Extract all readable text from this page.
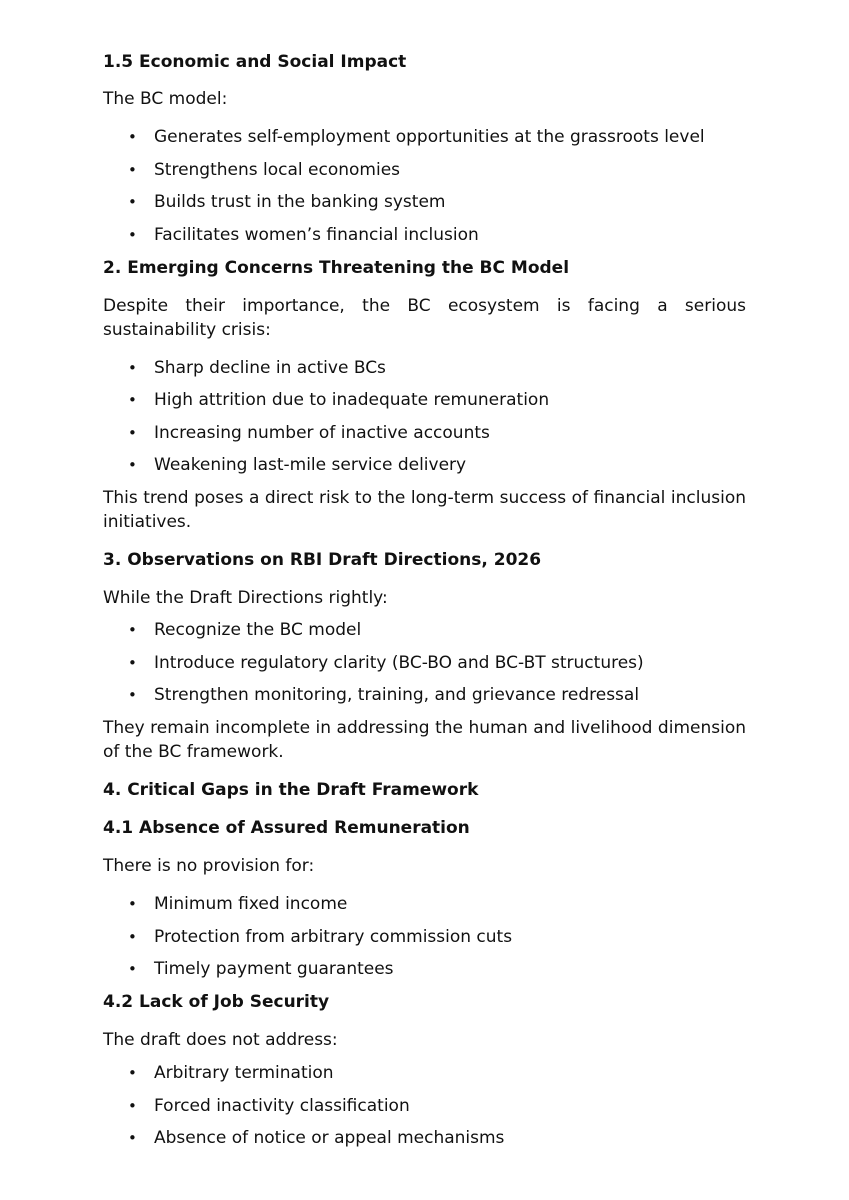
1.5 Economic and Social Impact

The BC model:

• Generates self-employment opportunities at the grassroots level
• Strengthens local economies
• Builds trust in the banking system
• Facilitates women’s financial inclusion
2. Emerging Concerns Threatening the BC Model

Despite their importance, the BC ecosystem is facing a serious sustainability crisis:

• Sharp decline in active BCs
• High attrition due to inadequate remuneration
• Increasing number of inactive accounts
• Weakening last-mile service delivery

This trend poses a direct risk to the long-term success of financial inclusion initiatives.

3. Observations on RBI Draft Directions, 2026

While the Draft Directions rightly:

• Recognize the BC model
• Introduce regulatory clarity (BC-BO and BC-BT structures)
• Strengthen monitoring, training, and grievance redressal

They remain incomplete in addressing the human and livelihood dimension of the BC framework.

4. Critical Gaps in the Draft Framework
4.1 Absence of Assured Remuneration

There is no provision for:

• Minimum fixed income
• Protection from arbitrary commission cuts
• Timely payment guarantees
4.2 Lack of Job Security

The draft does not address:

• Arbitrary termination
• Forced inactivity classification
• Absence of notice or appeal mechanisms
